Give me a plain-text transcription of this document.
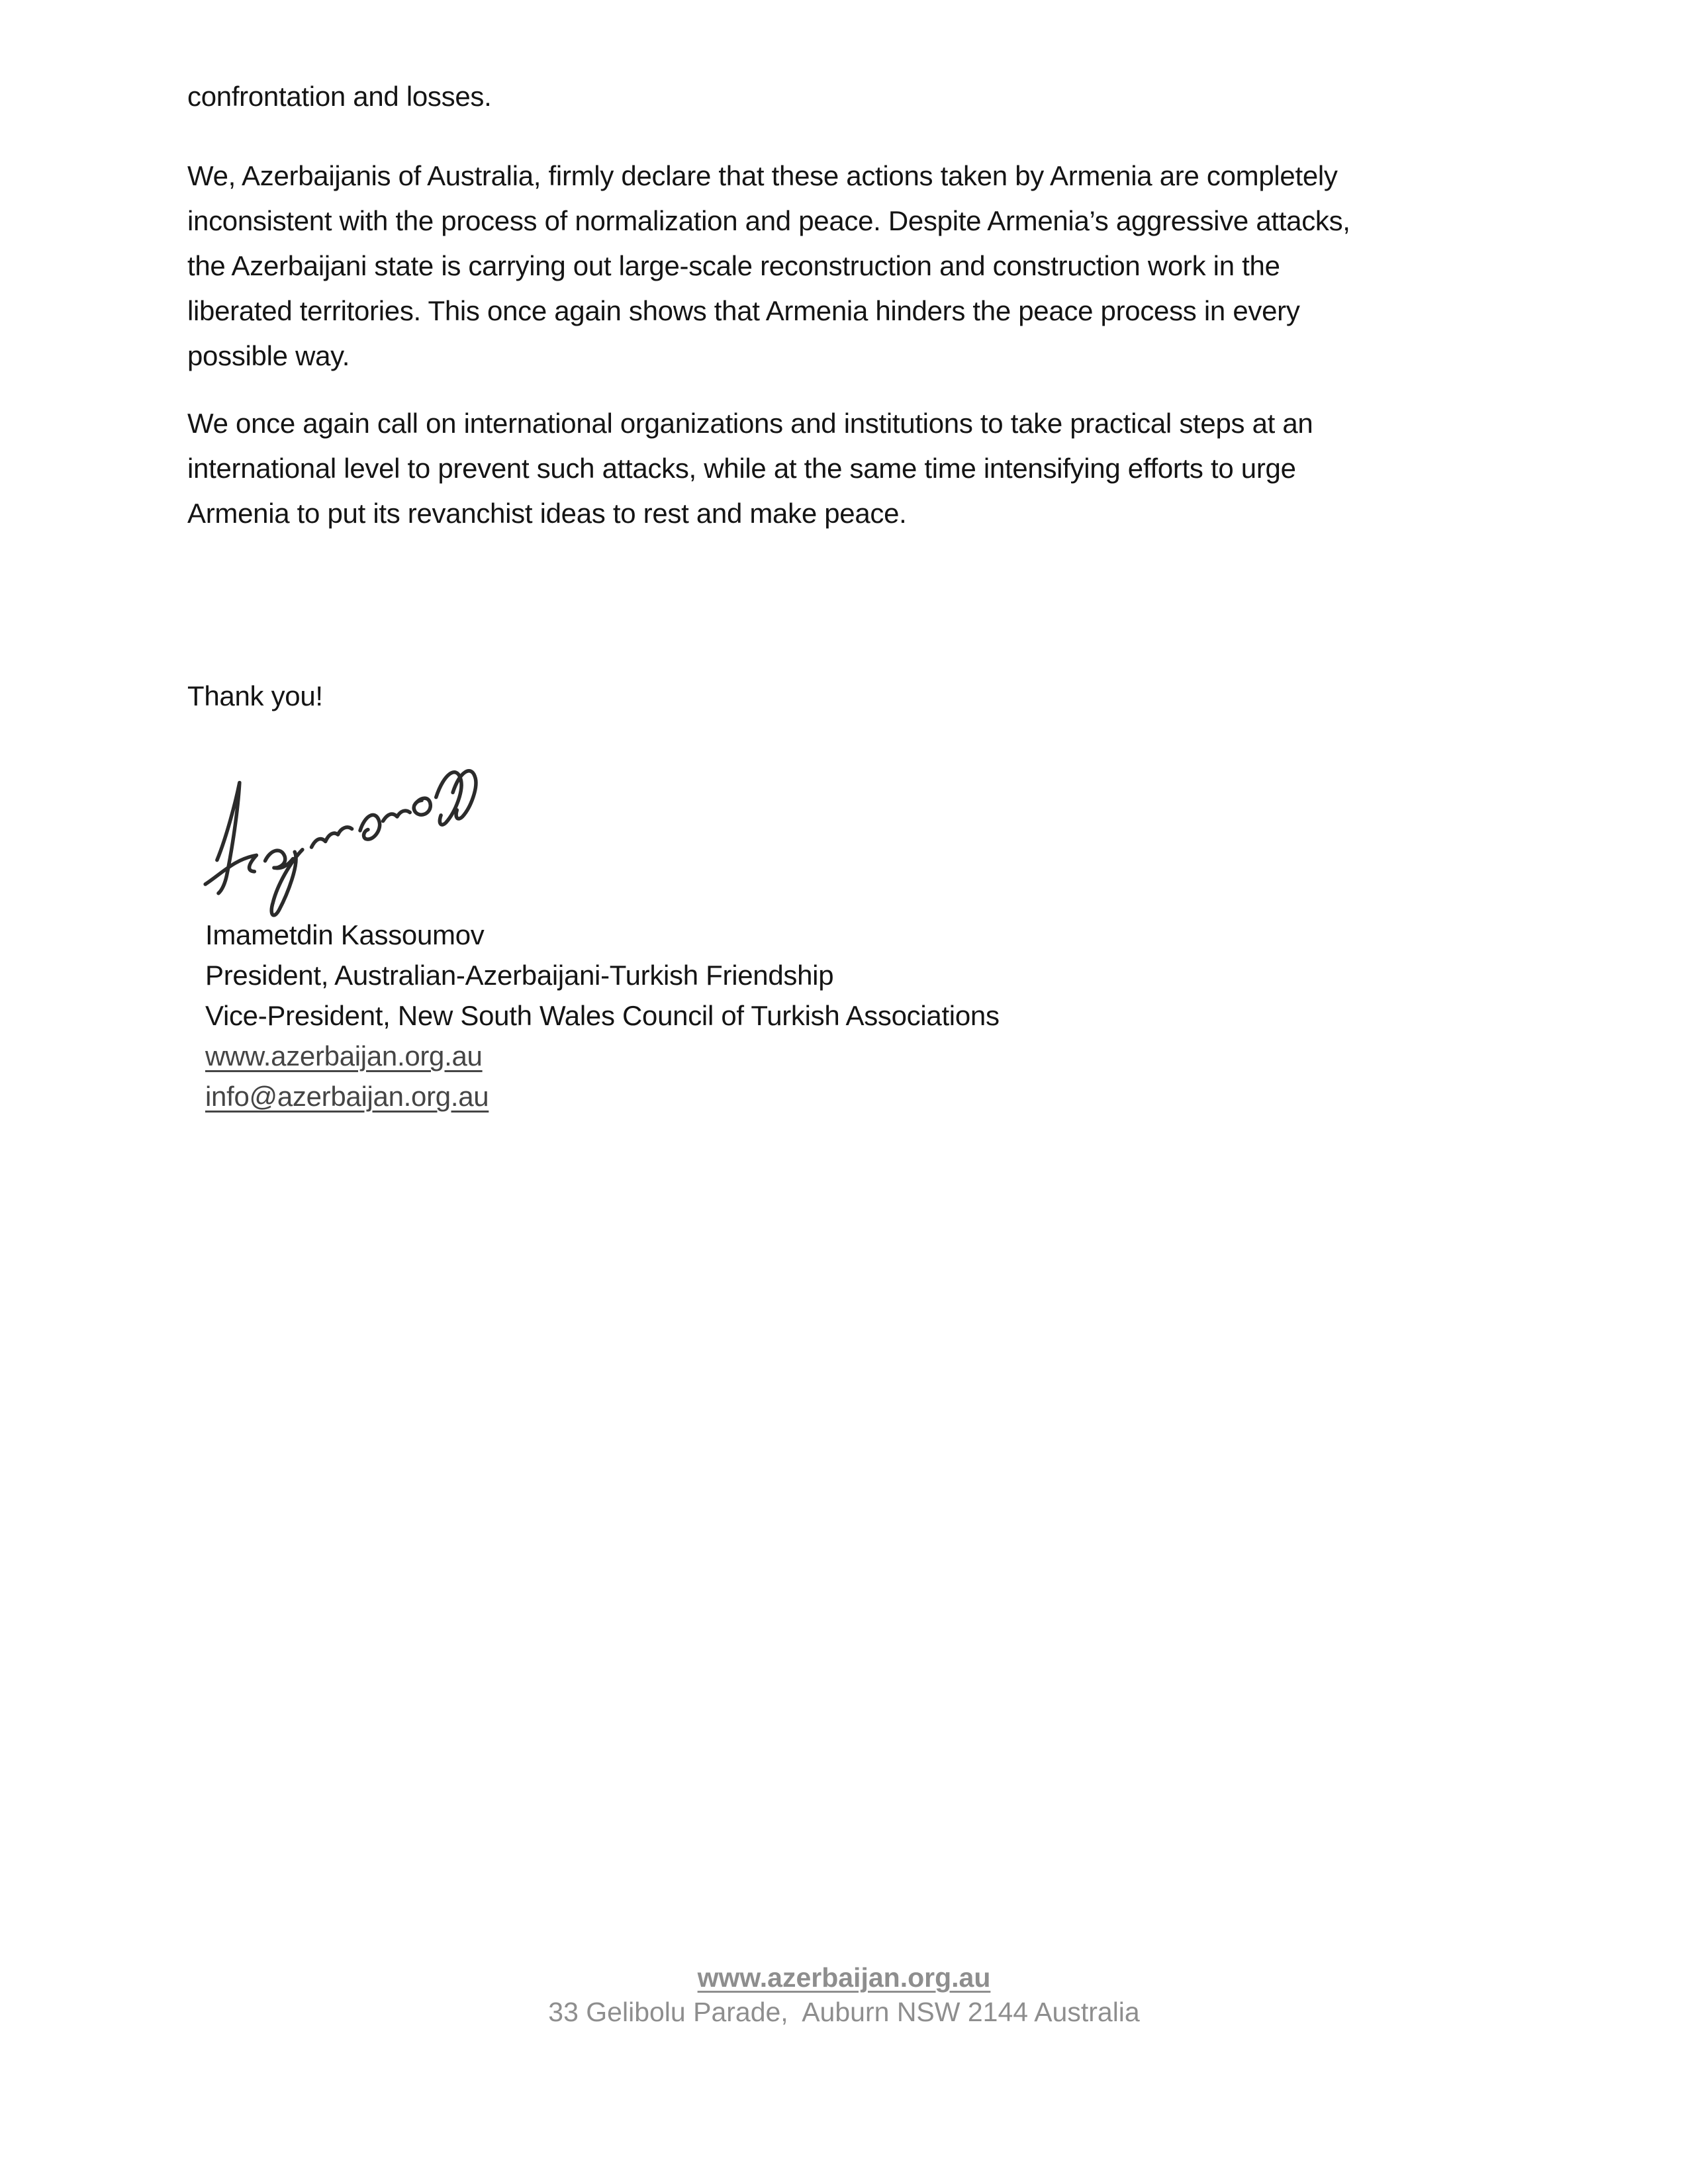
confrontation and losses.
We, Azerbaijanis of Australia, firmly declare that these actions taken by Armenia are completely
inconsistent with the process of normalization and peace. Despite Armenia’s aggressive attacks,
the Azerbaijani state is carrying out large-scale reconstruction and construction work in the
liberated territories. This once again shows that Armenia hinders the peace process in every
possible way.
We once again call on international organizations and institutions to take practical steps at an
international level to prevent such attacks, while at the same time intensifying efforts to urge
Armenia to put its revanchist ideas to rest and make peace.
Thank you!
Imametdin Kassoumov
President, Australian-Azerbaijani-Turkish Friendship
Vice-President, New South Wales Council of Turkish Associations
www.azerbaijan.org.au
info@azerbaijan.org.au
www.azerbaijan.org.au
33 Gelibolu Parade,  Auburn NSW 2144 Australia
